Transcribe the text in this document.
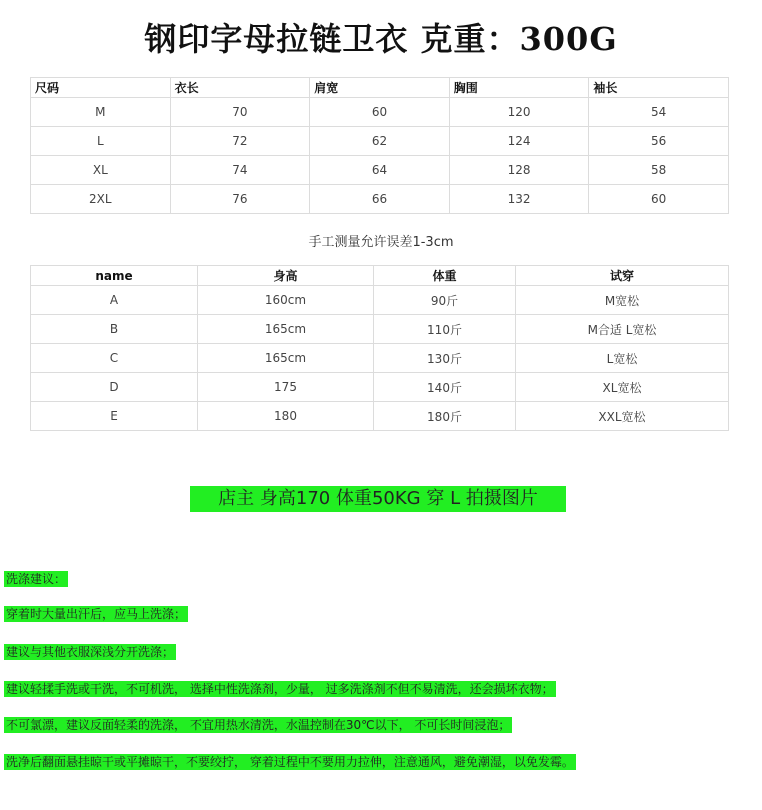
钢印字母拉链卫衣 克重：300G
尺码	衣长	肩宽	胸围	袖长
M	70	60	120	54
L	72	62	124	56
XL	74	64	128	58
2XL	76	66	132	60
手工测量允许误差1-3cm
name	身高	体重	试穿
A	160cm	90斤	M宽松
B	165cm	110斤	M合适 L宽松
C	165cm	130斤	L宽松
D	175	140斤	XL宽松
E	180	180斤	XXL宽松
店主 身高170 体重50KG 穿 L 拍摄图片

洗涤建议：

穿着时大量出汗后，应马上洗涤；

建议与其他衣服深浅分开洗涤；

建议轻揉手洗或干洗，不可机洗， 选择中性洗涤剂，少量， 过多洗涤剂不但不易清洗，还会损坏衣物；

不可氯漂，建议反面轻柔的洗涤， 不宜用热水清洗，水温控制在30℃以下， 不可长时间浸泡；

洗净后翻面悬挂晾干或平摊晾干，不要绞拧， 穿着过程中不要用力拉伸，注意通风，避免潮湿，以免发霉。
